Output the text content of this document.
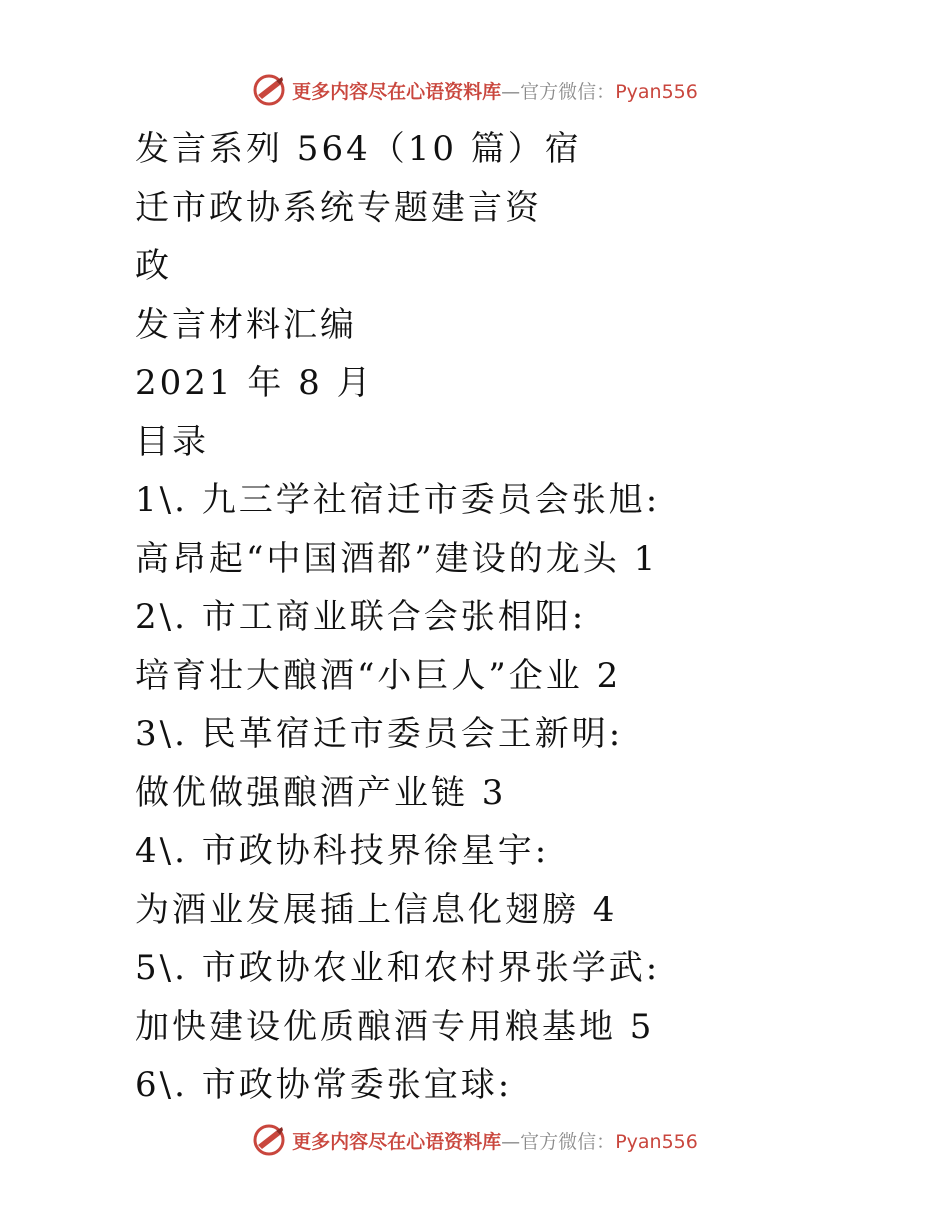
更多内容尽在心语资料库—官方微信：Pyan556
发言系列 564（10 篇）宿
迁市政协系统专题建言资
政
发言材料汇编
2021 年 8 月
目录
1\. 九三学社宿迁市委员会张旭:
高昂起“中国酒都”建设的龙头 1
2\. 市工商业联合会张相阳:
培育壮大酿酒“小巨人”企业 2
3\. 民革宿迁市委员会王新明:
做优做强酿酒产业链 3
4\. 市政协科技界徐星宇:
为酒业发展插上信息化翅膀 4
5\. 市政协农业和农村界张学武:
加快建设优质酿酒专用粮基地 5
6\. 市政协常委张宜球:
更多内容尽在心语资料库—官方微信：Pyan556
